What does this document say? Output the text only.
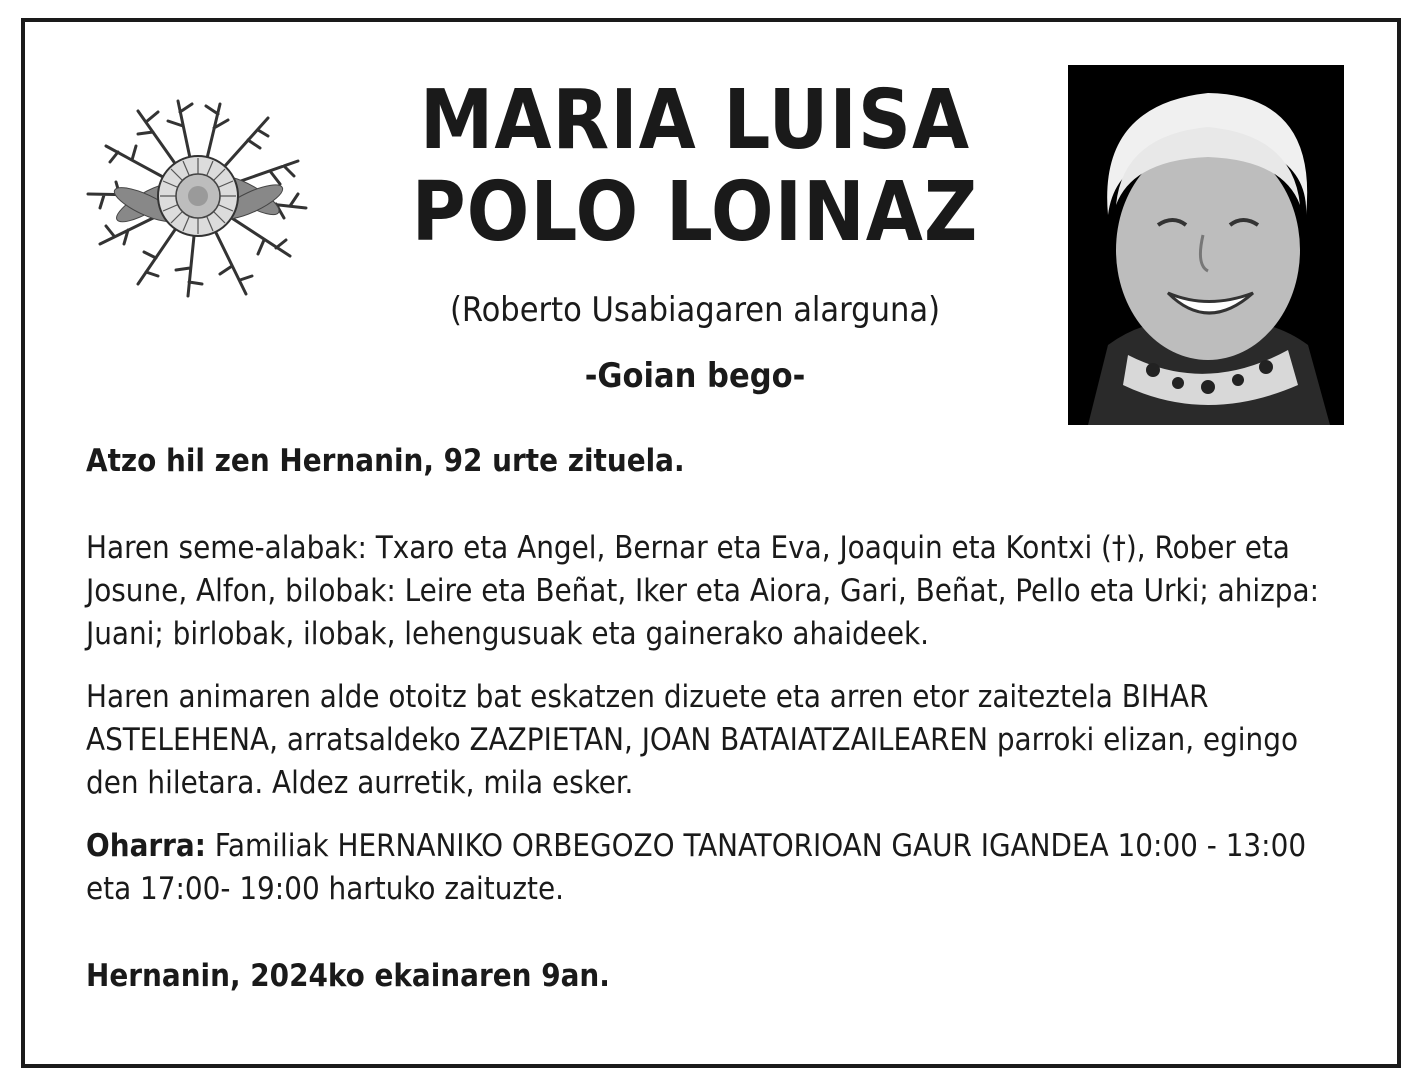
MARIA LUISA
POLO LOINAZ
(Roberto Usabiagaren alarguna)
-Goian bego-

Atzo hil zen Hernanin, 92 urte zituela.

Haren seme-alabak: Txaro eta Angel, Bernar eta Eva, Joaquin eta Kontxi (†), Rober eta Josune, Alfon, bilobak: Leire eta Beñat, Iker eta Aiora, Gari, Beñat, Pello eta Urki; ahizpa: Juani; birlobak, ilobak, lehengusuak eta gainerako ahaideek.

Haren animaren alde otoitz bat eskatzen dizuete eta arren etor zaiteztela BIHAR ASTELEHENA, arratsaldeko ZAZPIETAN, JOAN BATAIATZAILEAREN parroki elizan, egingo den hiletara. Aldez aurretik, mila esker.

Oharra: Familiak HERNANIKO ORBEGOZO TANATORIOAN GAUR IGANDEA 10:00 - 13:00 eta 17:00- 19:00 hartuko zaituzte.

Hernanin, 2024ko ekainaren 9an.
